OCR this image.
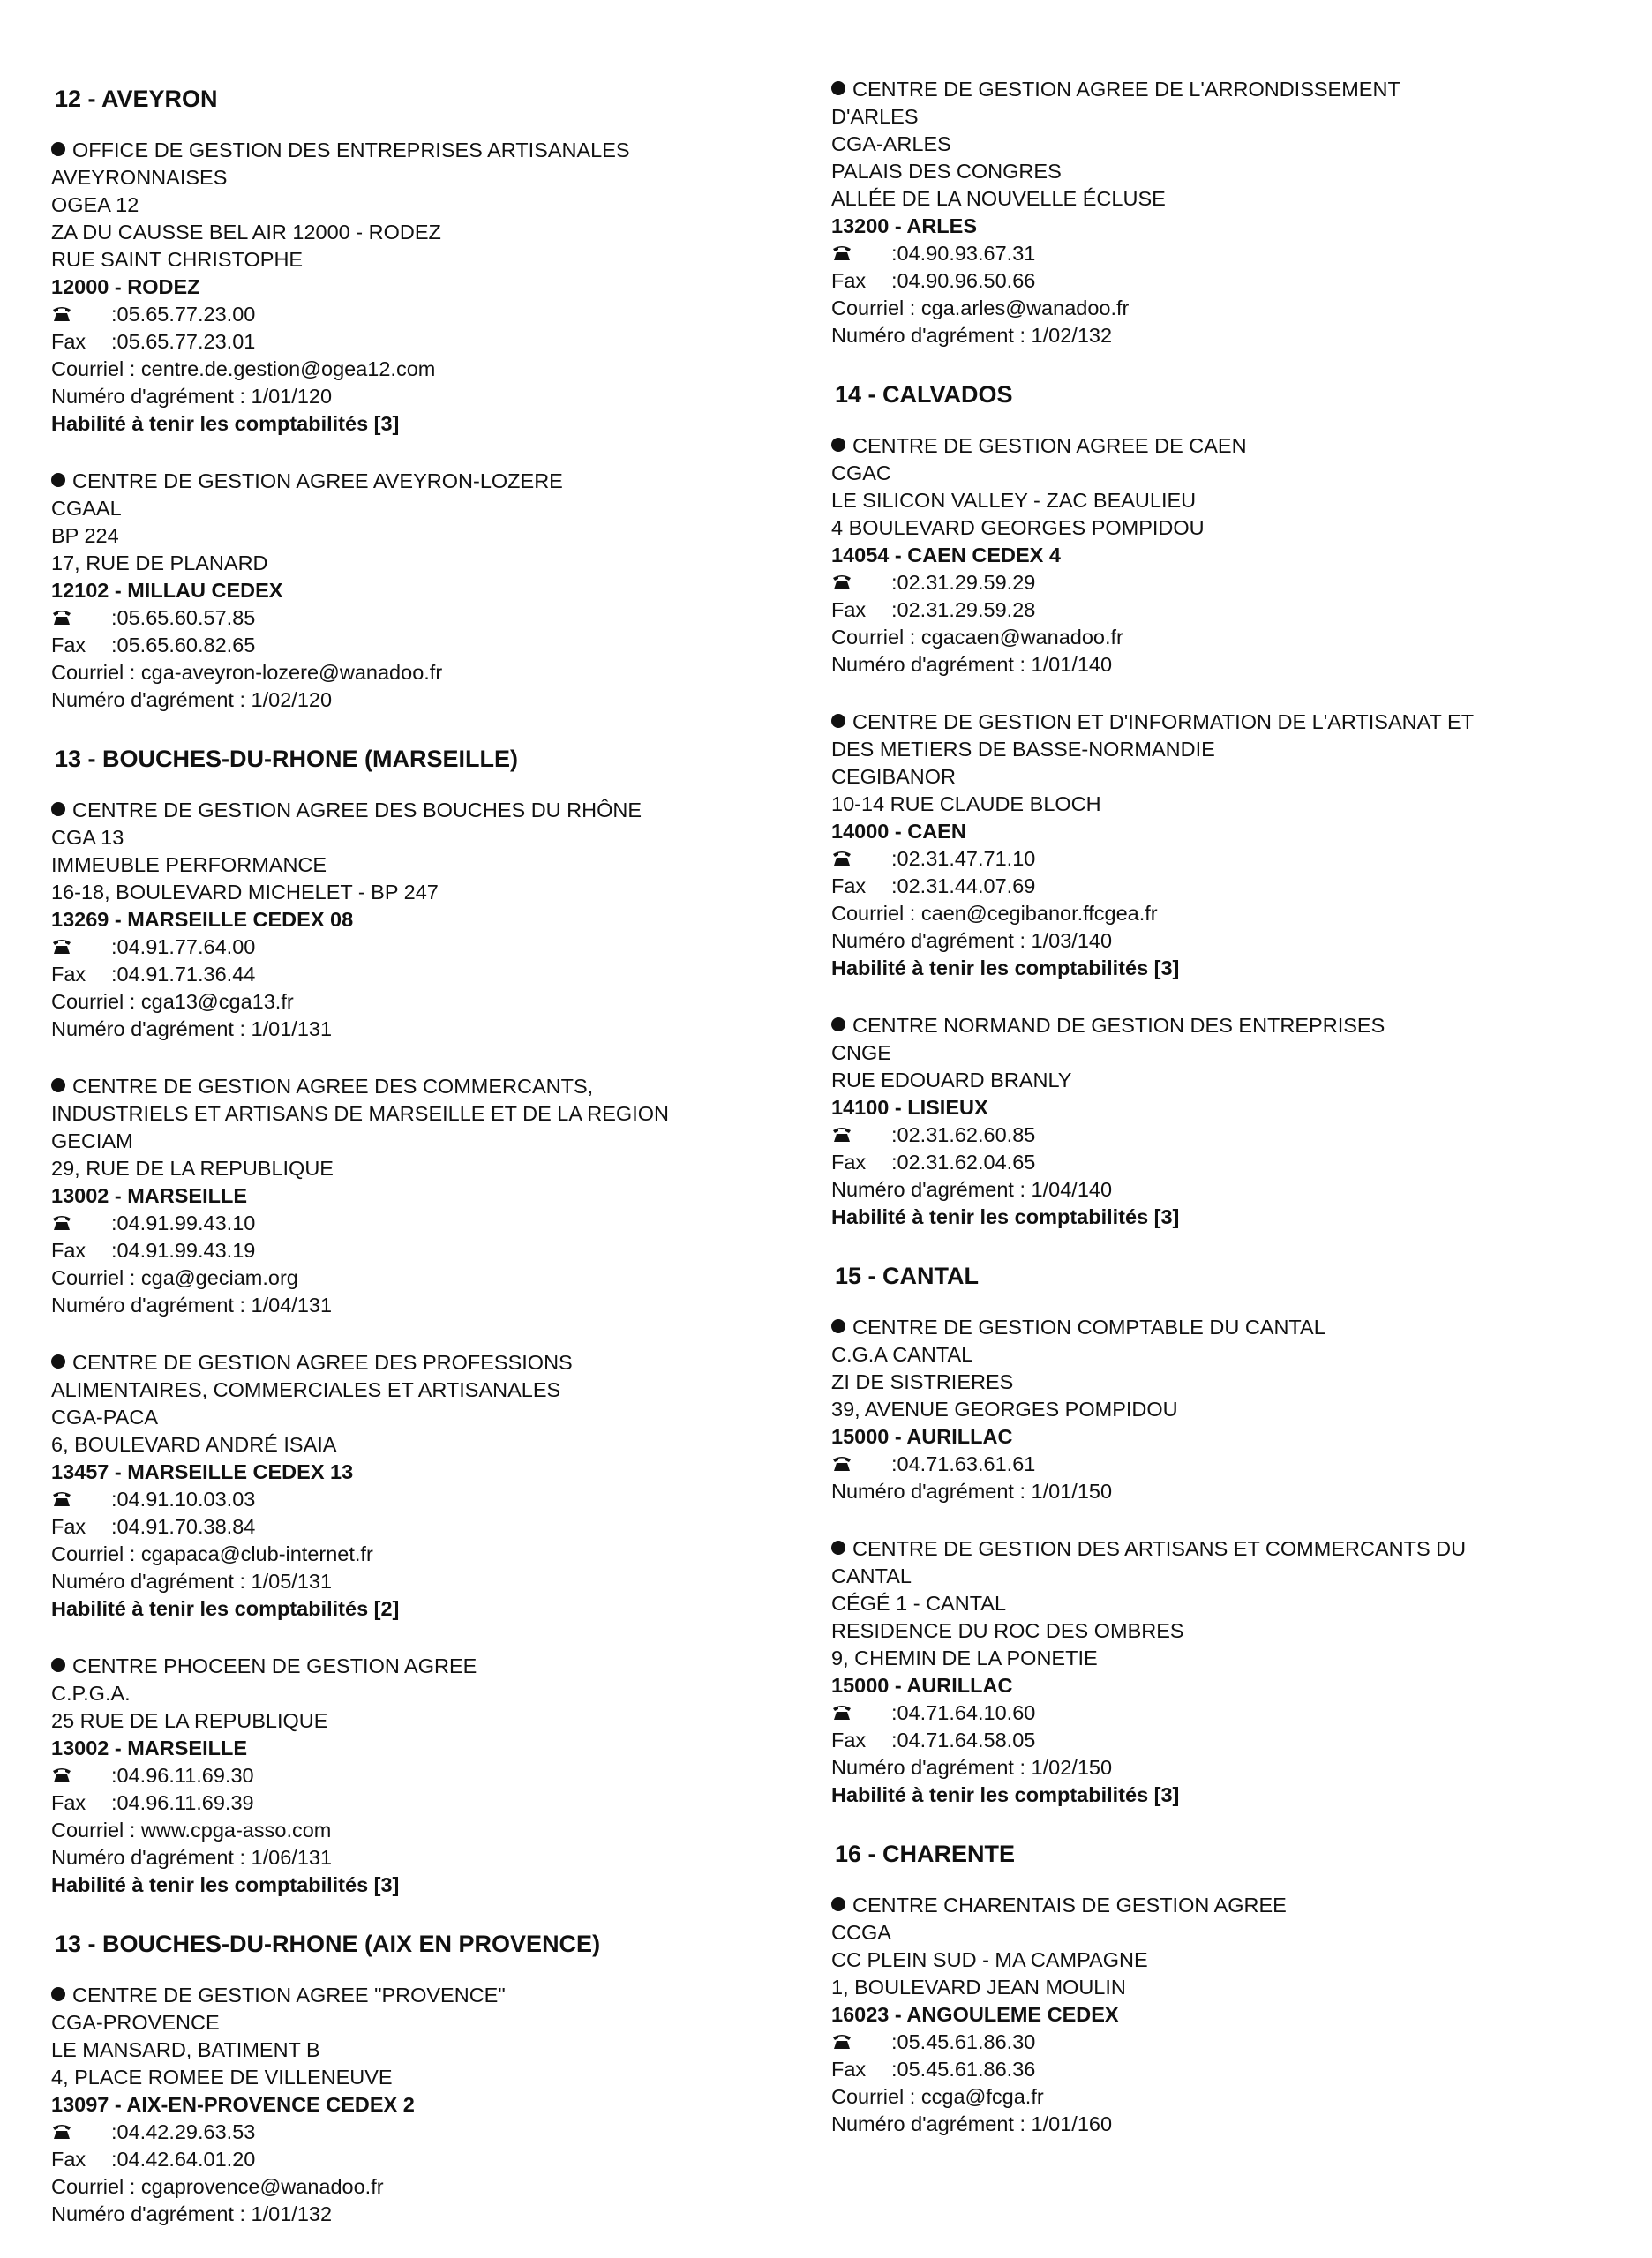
12 - AVEYRON
OFFICE DE GESTION DES ENTREPRISES ARTISANALES
AVEYRONNAISES
OGEA 12
ZA DU CAUSSE BEL AIR 12000 - RODEZ
RUE SAINT CHRISTOPHE
12000 - RODEZ
: 05.65.77.23.00
Fax	: 05.65.77.23.01
Courriel : centre.de.gestion@ogea12.com
Numéro d'agrément : 1/01/120
Habilité à tenir les comptabilités [3]
CENTRE DE GESTION AGREE AVEYRON-LOZERE
CGAAL
BP 224
17, RUE DE PLANARD
12102 - MILLAU CEDEX
: 05.65.60.57.85
Fax	: 05.65.60.82.65
Courriel : cga-aveyron-lozere@wanadoo.fr
Numéro d'agrément : 1/02/120
13 - BOUCHES-DU-RHONE (MARSEILLE)
CENTRE DE GESTION AGREE DES BOUCHES DU RHÔNE
CGA 13
IMMEUBLE PERFORMANCE
16-18, BOULEVARD MICHELET - BP 247
13269 - MARSEILLE CEDEX 08
: 04.91.77.64.00
Fax	: 04.91.71.36.44
Courriel : cga13@cga13.fr
Numéro d'agrément : 1/01/131
CENTRE DE GESTION AGREE DES COMMERCANTS,
INDUSTRIELS ET ARTISANS DE MARSEILLE ET DE LA REGION
GECIAM
29, RUE DE LA REPUBLIQUE
13002 - MARSEILLE
: 04.91.99.43.10
Fax	: 04.91.99.43.19
Courriel : cga@geciam.org
Numéro d'agrément : 1/04/131
CENTRE DE GESTION AGREE DES PROFESSIONS
ALIMENTAIRES, COMMERCIALES ET ARTISANALES
CGA-PACA
6, BOULEVARD ANDRÉ ISAIA
13457 - MARSEILLE CEDEX 13
: 04.91.10.03.03
Fax	: 04.91.70.38.84
Courriel : cgapaca@club-internet.fr
Numéro d'agrément : 1/05/131
Habilité à tenir les comptabilités [2]
CENTRE PHOCEEN DE GESTION AGREE
C.P.G.A.
25 RUE DE LA REPUBLIQUE
13002 - MARSEILLE
: 04.96.11.69.30
Fax	: 04.96.11.69.39
Courriel : www.cpga-asso.com
Numéro d'agrément : 1/06/131
Habilité à tenir les comptabilités [3]
13 - BOUCHES-DU-RHONE (AIX EN PROVENCE)
CENTRE DE GESTION AGREE "PROVENCE"
CGA-PROVENCE
LE MANSARD, BATIMENT B
4, PLACE ROMEE DE VILLENEUVE
13097 - AIX-EN-PROVENCE CEDEX 2
: 04.42.29.63.53
Fax	: 04.42.64.01.20
Courriel : cgaprovence@wanadoo.fr
Numéro d'agrément : 1/01/132
CENTRE DE GESTION AGREE DE L'ARRONDISSEMENT
D'ARLES
CGA-ARLES
PALAIS DES CONGRES
ALLÉE DE LA NOUVELLE ÉCLUSE
13200 - ARLES
: 04.90.93.67.31
Fax	: 04.90.96.50.66
Courriel : cga.arles@wanadoo.fr
Numéro d'agrément : 1/02/132
14 - CALVADOS
CENTRE DE GESTION AGREE DE CAEN
CGAC
LE SILICON VALLEY - ZAC BEAULIEU
4 BOULEVARD GEORGES POMPIDOU
14054 - CAEN CEDEX 4
: 02.31.29.59.29
Fax	: 02.31.29.59.28
Courriel : cgacaen@wanadoo.fr
Numéro d'agrément : 1/01/140
CENTRE DE GESTION ET D'INFORMATION DE L'ARTISANAT ET
DES METIERS DE BASSE-NORMANDIE
CEGIBANOR
10-14 RUE CLAUDE BLOCH
14000 - CAEN
: 02.31.47.71.10
Fax	: 02.31.44.07.69
Courriel : caen@cegibanor.ffcgea.fr
Numéro d'agrément : 1/03/140
Habilité à tenir les comptabilités [3]
CENTRE NORMAND DE GESTION DES ENTREPRISES
CNGE
RUE EDOUARD BRANLY
14100 - LISIEUX
: 02.31.62.60.85
Fax	: 02.31.62.04.65
Numéro d'agrément : 1/04/140
Habilité à tenir les comptabilités [3]
15 - CANTAL
CENTRE DE GESTION COMPTABLE DU CANTAL
C.G.A CANTAL
ZI DE SISTRIERES
39, AVENUE GEORGES POMPIDOU
15000 - AURILLAC
: 04.71.63.61.61
Numéro d'agrément : 1/01/150
CENTRE DE GESTION DES ARTISANS ET COMMERCANTS DU
CANTAL
CÉGÉ 1 - CANTAL
RESIDENCE DU ROC DES OMBRES
9, CHEMIN DE LA PONETIE
15000 - AURILLAC
: 04.71.64.10.60
Fax	: 04.71.64.58.05
Numéro d'agrément : 1/02/150
Habilité à tenir les comptabilités [3]
16 - CHARENTE
CENTRE CHARENTAIS DE GESTION AGREE
CCGA
CC PLEIN SUD - MA CAMPAGNE
1, BOULEVARD JEAN MOULIN
16023 - ANGOULEME CEDEX
: 05.45.61.86.30
Fax	: 05.45.61.86.36
Courriel : ccga@fcga.fr
Numéro d'agrément : 1/01/160
